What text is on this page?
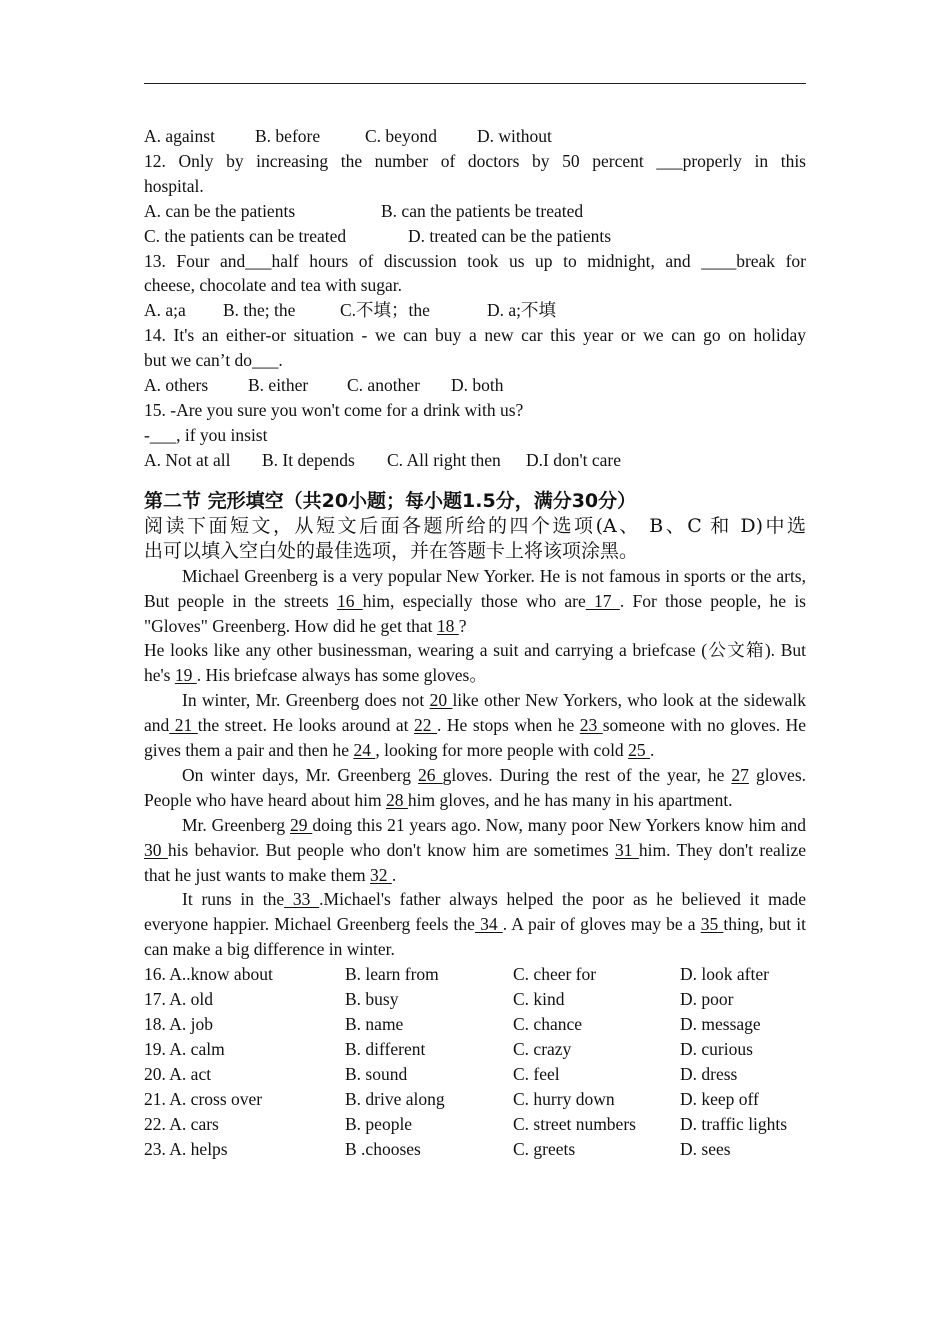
A. against B. before	C. beyond D. without
12. Only by increasing the number of doctors by 50 percent ___properly in this
hospital.
A. can be the patients	B. can the patients be treated
C. the patients can be treated	D. treated can be the patients
13. Four and___half hours of discussion took us up to midnight, and ____break for
cheese, chocolate and tea with sugar.
A. a;a B. the; the	C.不填；the	D. a;不填
14. It's an either-or situation - we can buy a new car this year or we can go on holiday
but we can’t do___.
A. others B. either C. another D. both
15. -Are you sure you won't come for a drink with us?
-___, if you insist
A. Not at all B. It depends C. All right then D.I don't care
第二节 完形填空（共20小题；每小题1.5分，满分30分）
阅读下面短文，从短文后面各题所给的四个选项(A、 B、C 和 D)中选
出可以填入空白处的最佳选项，并在答题卡上将该项涂黑。
Michael Greenberg is a very popular New Yorker. He is not famous in sports or the arts, But people in the streets 16 him, especially those who are 17 . For those people, he is "Gloves" Greenberg. How did he get that 18 ?
He looks like any other businessman, wearing a suit and carrying a briefcase (公文箱). But he's 19 . His briefcase always has some gloves。
In winter, Mr. Greenberg does not 20 like other New Yorkers, who look at the sidewalk and 21 the street. He looks around at 22 . He stops when he 23 someone with no gloves. He gives them a pair and then he 24 , looking for more people with cold 25 .
On winter days, Mr. Greenberg 26 gloves. During the rest of the year, he 27 gloves. People who have heard about him 28 him gloves, and he has many in his apartment.
Mr. Greenberg 29 doing this 21 years ago. Now, many poor New Yorkers know him and 30 his behavior. But people who don't know him are sometimes 31 him. They don't realize that he just wants to make them 32 .
It runs in the 33 .Michael's father always helped the poor as he believed it made everyone happier. Michael Greenberg feels the 34 . A pair of gloves may be a 35 thing, but it can make a big difference in winter.
16. A..know about	B. learn from	C. cheer for	D. look after
17. A. old	B. busy	C. kind	D. poor
18. A. job	B. name	C. chance	D. message
19. A. calm	B. different	C. crazy	D. curious
20. A. act	B. sound	C. feel	D. dress
21. A. cross over	B. drive along	C. hurry down	D. keep off
22. A. cars	B. people	C. street numbers	D. traffic lights
23. A. helps	B .chooses	C. greets	D. sees
